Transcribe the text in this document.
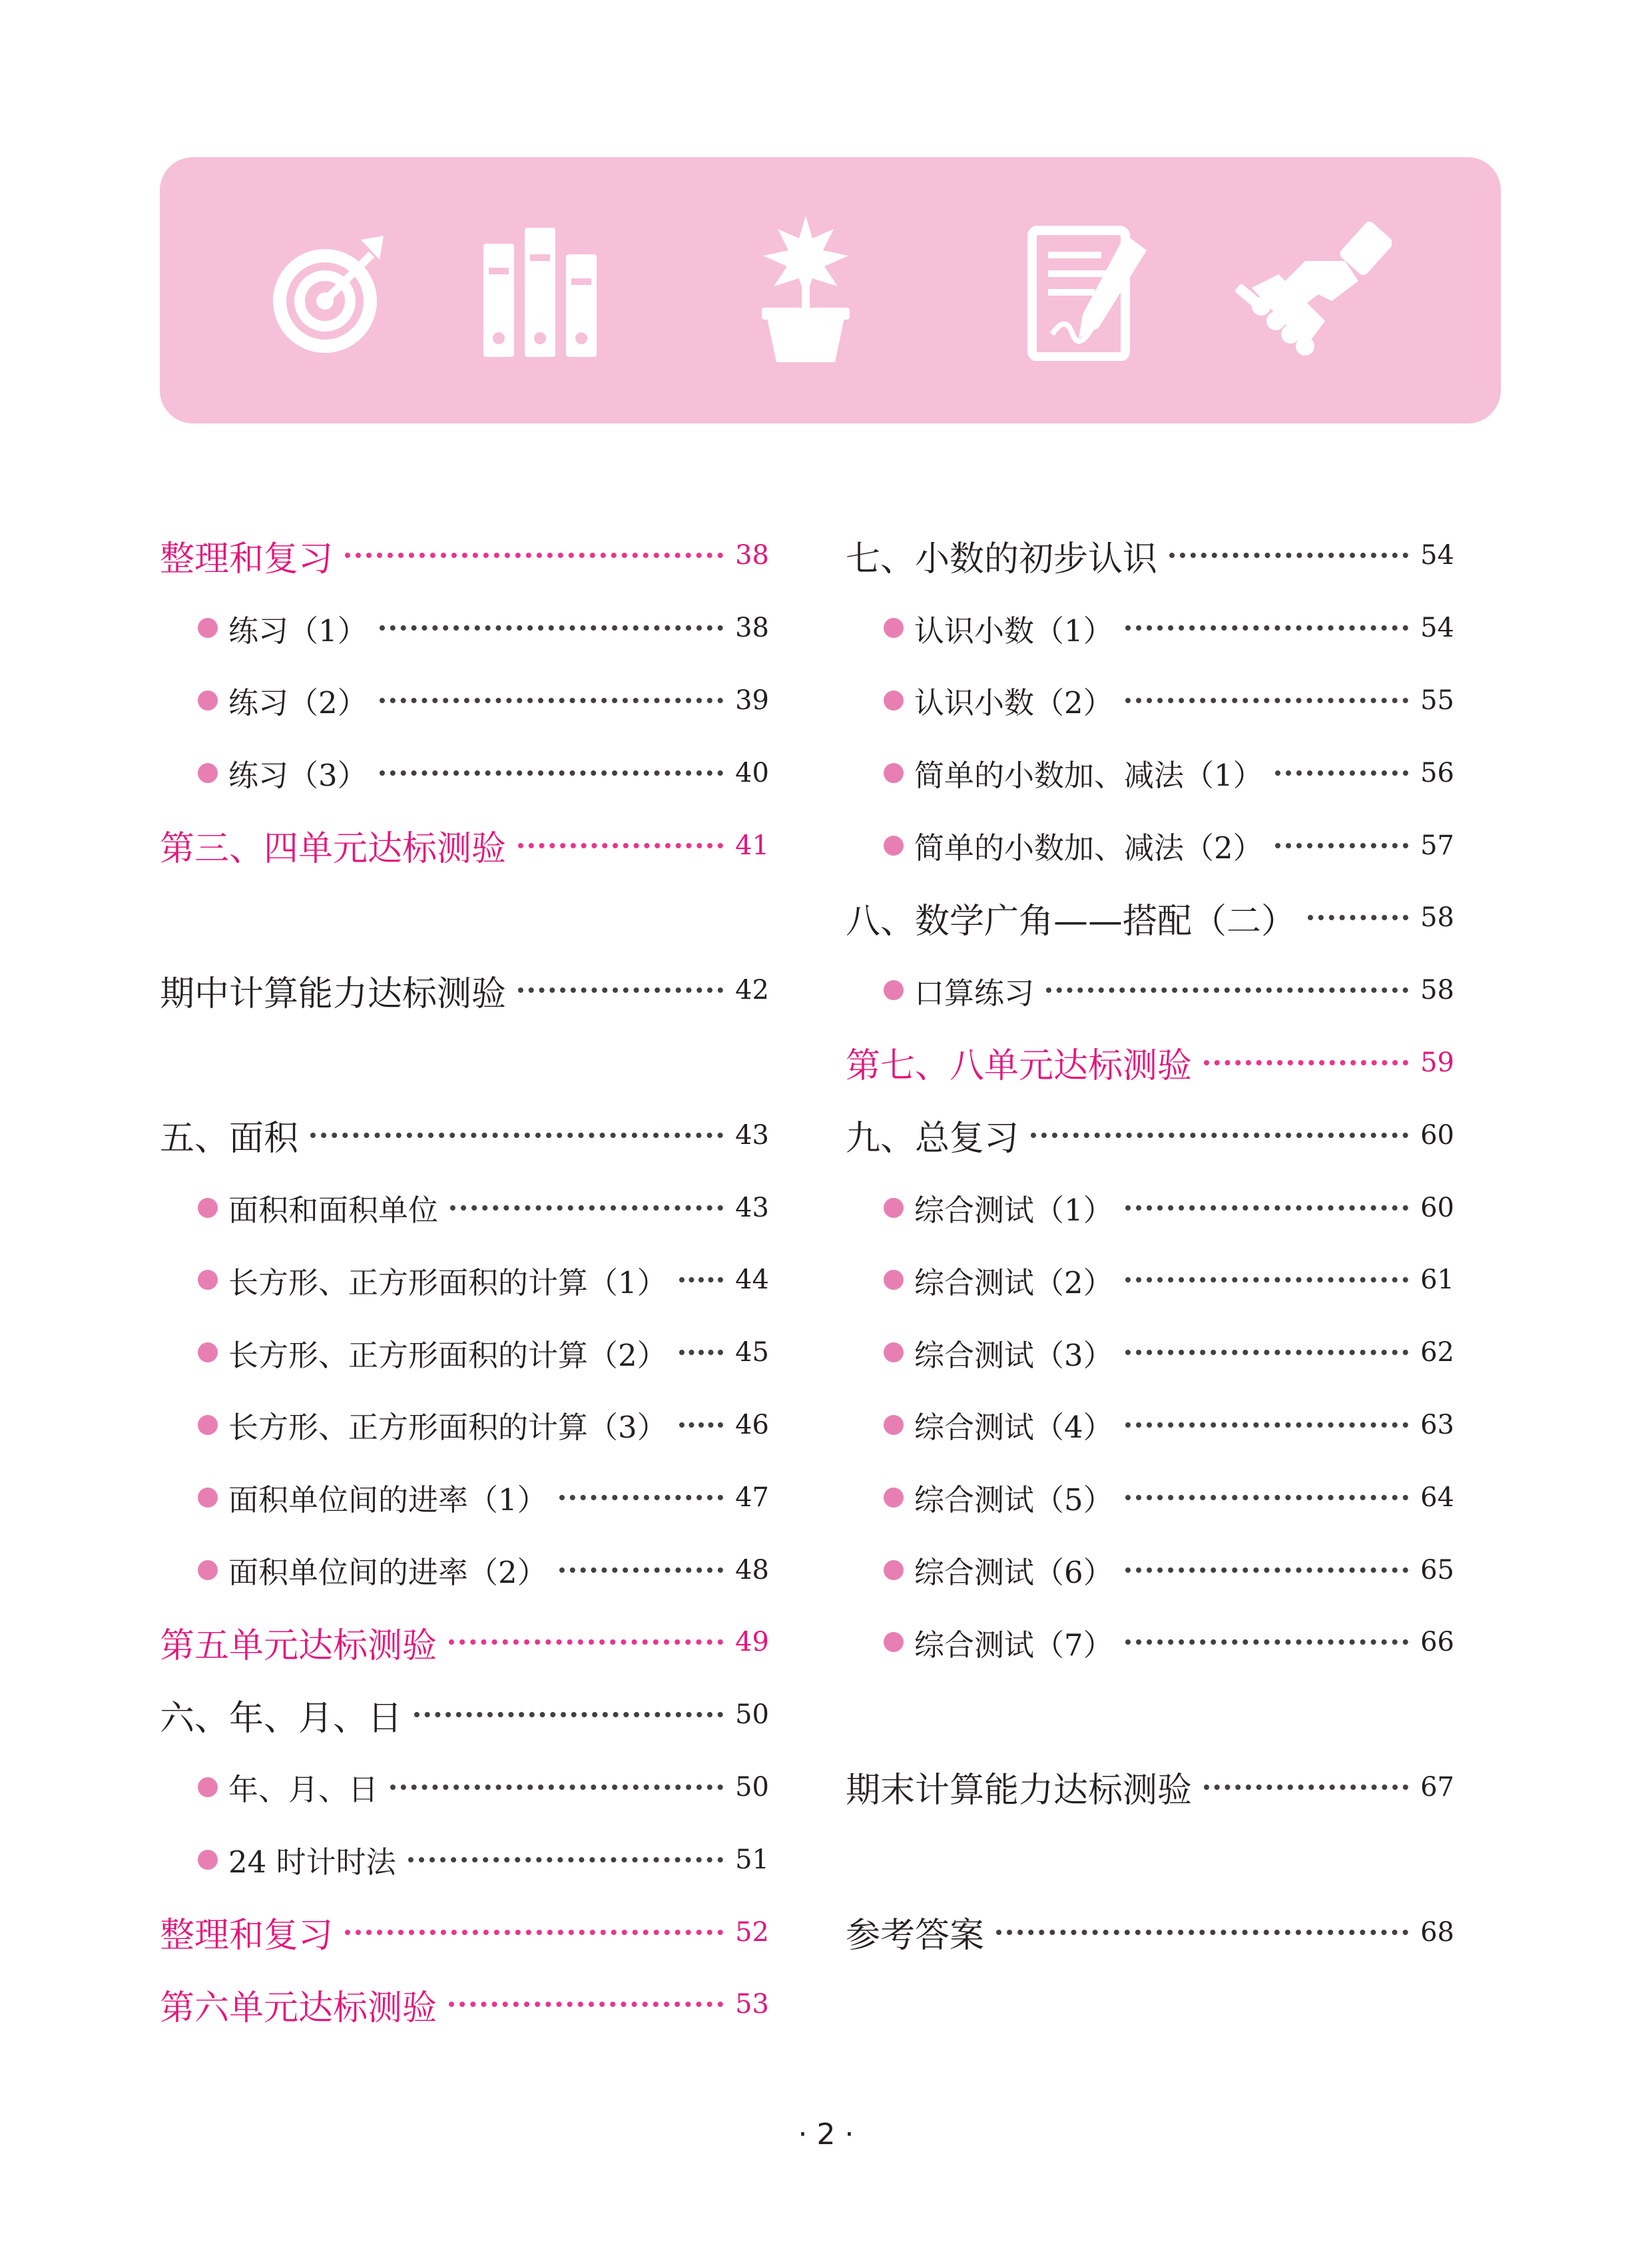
整理和复习	38
练习（1）	38
练习（2）	39
练习（3）	40
第三、四单元达标测验	41
期中计算能力达标测验	42
五、面积	43
面积和面积单位	43
长方形、正方形面积的计算（1）	44
长方形、正方形面积的计算（2）	45
长方形、正方形面积的计算（3）	46
面积单位间的进率（1）	47
面积单位间的进率（2）	48
第五单元达标测验	49
六、年、月、日	50
年、月、日	50
24 时计时法	51
整理和复习	52
第六单元达标测验	53
七、小数的初步认识	54
认识小数（1）	54
认识小数（2）	55
简单的小数加、减法（1）	56
简单的小数加、减法（2）	57
八、数学广角——搭配（二）	58
口算练习	58
第七、八单元达标测验	59
九、总复习	60
综合测试（1）	60
综合测试（2）	61
综合测试（3）	62
综合测试（4）	63
综合测试（5）	64
综合测试（6）	65
综合测试（7）	66
期末计算能力达标测验	67
参考答案	68
· 2 ·
